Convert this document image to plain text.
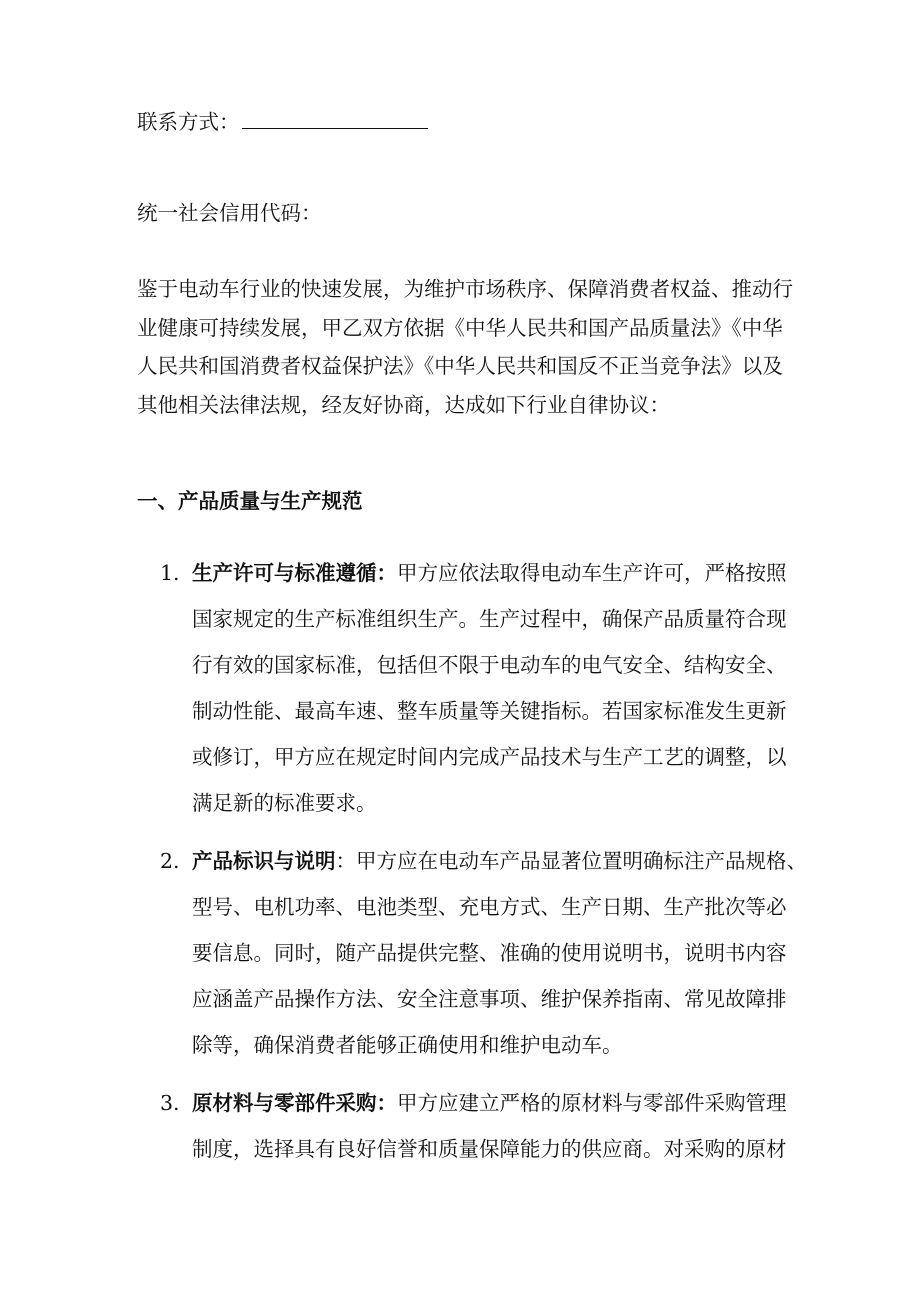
联系方式：
统一社会信用代码：

鉴于电动车行业的快速发展，为维护市场秩序、保障消费者权益、推动行

业健康可持续发展，甲乙双方依据《中华人民共和国产品质量法》《中华

人民共和国消费者权益保护法》《中华人民共和国反不正当竞争法》以及

其他相关法律法规，经友好协商，达成如下行业自律协议：

一、产品质量与生产规范
1. 生产许可与标准遵循：甲方应依法取得电动车生产许可，严格按照

国家规定的生产标准组织生产。生产过程中，确保产品质量符合现

行有效的国家标准，包括但不限于电动车的电气安全、结构安全、

制动性能、最高车速、整车质量等关键指标。若国家标准发生更新

或修订，甲方应在规定时间内完成产品技术与生产工艺的调整，以

满足新的标准要求。

2. 产品标识与说明：甲方应在电动车产品显著位置明确标注产品规格、

型号、电机功率、电池类型、充电方式、生产日期、生产批次等必

要信息。同时，随产品提供完整、准确的使用说明书，说明书内容

应涵盖产品操作方法、安全注意事项、维护保养指南、常见故障排

除等，确保消费者能够正确使用和维护电动车。

3. 原材料与零部件采购：甲方应建立严格的原材料与零部件采购管理

制度，选择具有良好信誉和质量保障能力的供应商。对采购的原材
